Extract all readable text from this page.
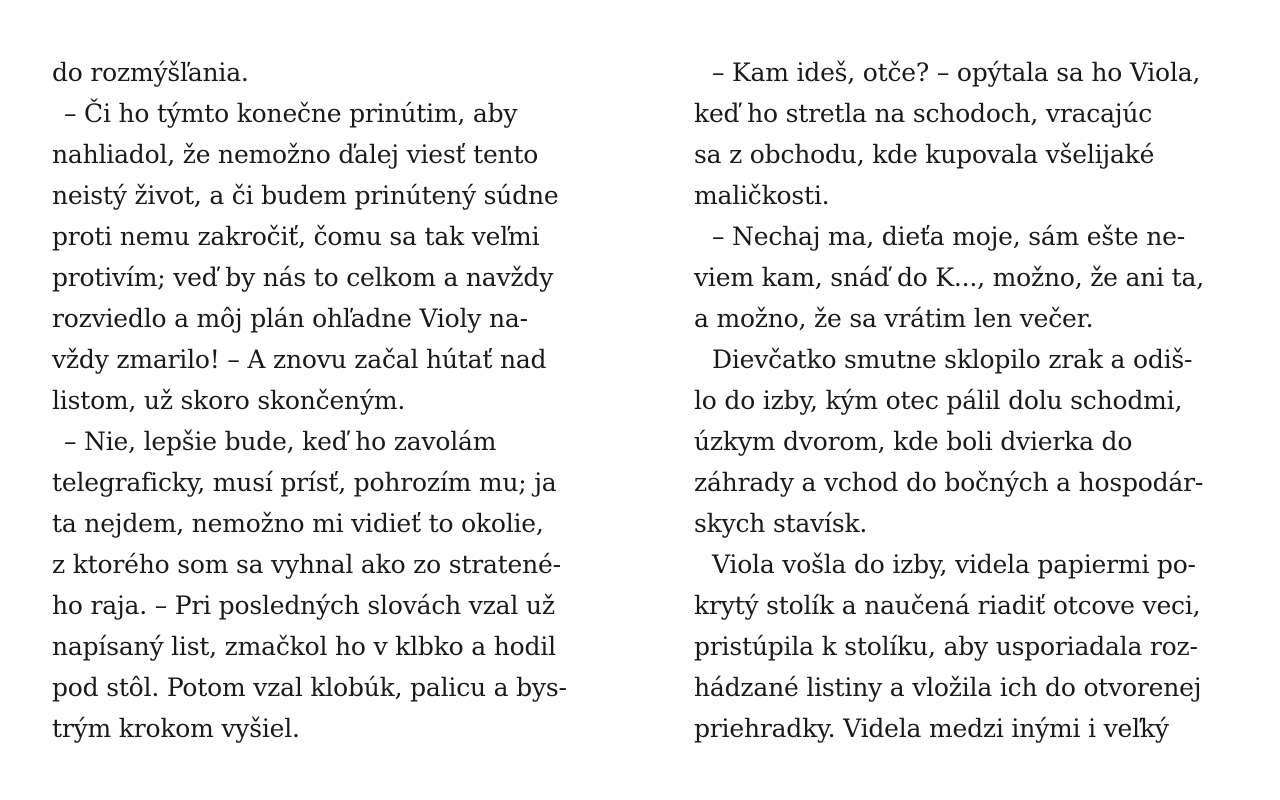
do rozmýšľania.
– Či ho týmto konečne prinútim, aby
nahliadol, že nemožno ďalej viesť tento
neistý život, a či budem prinútený súdne
proti nemu zakročiť, čomu sa tak veľmi
protivím; veď by nás to celkom a navždy
rozviedlo a môj plán ohľadne Violy na-
vždy zmarilo! – A znovu začal hútať nad
listom, už skoro skončeným.
– Nie, lepšie bude, keď ho zavolám
telegraficky, musí prísť, pohrozím mu; ja
ta nejdem, nemožno mi vidieť to okolie,
z ktorého som sa vyhnal ako zo stratené-
ho raja. – Pri posledných slovách vzal už
napísaný list, zmačkol ho v klbko a hodil
pod stôl. Potom vzal klobúk, palicu a bys-
trým krokom vyšiel.
– Kam ideš, otče? – opýtala sa ho Viola,
keď ho stretla na schodoch, vracajúc
sa z obchodu, kde kupovala všelijaké
maličkosti.
– Nechaj ma, dieťa moje, sám ešte ne-
viem kam, snáď do K..., možno, že ani ta,
a možno, že sa vrátim len večer.
Dievčatko smutne sklopilo zrak a odiš-
lo do izby, kým otec pálil dolu schodmi,
úzkym dvorom, kde boli dvierka do
záhrady a vchod do bočných a hospodár-
skych stavísk.
Viola vošla do izby, videla papiermi po-
krytý stolík a naučená riadiť otcove veci,
pristúpila k stolíku, aby usporiadala roz-
hádzané listiny a vložila ich do otvorenej
priehradky. Videla medzi inými i veľký
